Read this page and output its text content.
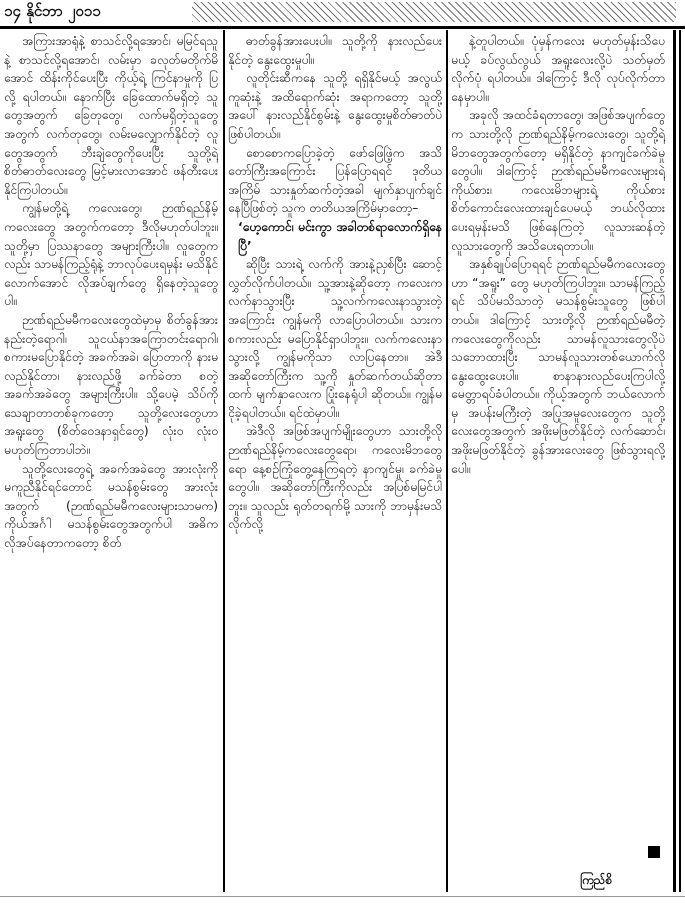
၁၄ နိုင်ဘာ ၂၀၁၁

အကြားအာရုံနဲ့ စာသင်လို့ရအောင်၊ မမြင်ရသူနဲ့ စာသင်လို့ရအောင်၊ လမ်းမှာ ခလုတ်မတိုက်မိအောင် ထိန်းကိုင်ပေးပြီး ကိုယ့်ရဲ့ ကြင်နာမှုကို ပြလို့ ရပါတယ်။ နောက်ပြီး ခြေထောက်မရှိတဲ့ သူတွေအတွက် ခြေတုတွေ၊ လက်မရှိတဲ့သူတွေအတွက် လက်တုတွေ၊ လမ်းမလျှောက်နိုင်တဲ့ လူတွေအတွက် ဘီးချဲတွေကိုပေးပြီး သူတို့ရဲ့ စိတ်ဓာတ်လေးတွေ မြင့်မားလာအောင် ဖန်တီးပေးနိုင်ကြပါတယ်။

ကျွန်မတို့ရဲ့ ကလေးတွေ၊ ဉာဏ်ရည်နိမ့်ကလေးတွေ အတွက်ကတော့ ဒီလိုမဟုတ်ပါဘူး။ သူတို့မှာ ပြဿနာတွေ အများကြီးပါ။ လူတွေကလည်း သာမန်ကြည့်ရုံနဲ့ ဘာလုပ်ပေးရမှန်း မသိနိုင်လောက်အောင် လိုအပ်ချက်တွေ ရှိနေတဲ့သူတွေပါ။

ဉာဏ်ရည်မမီကလေးတွေထဲမှာမှ စိတ်ခွန်အားနည်းတဲ့ရောဂါ၊ သူငယ်နာအကြောတင်းရောဂါ၊ စကားမပြောနိုင်တဲ့ အခက်အခဲ၊ ပြောတာကို နားမလည်နိုင်တာ၊ နားလည်ဖို့ ခက်ခဲတာ စတဲ့ အခက်အခဲတွေ အများကြီးပါ။ သို့ပေမဲ့ သိပ်ကိုသေချာတာတစ်ခုကတော့ သူတို့လေးတွေဟာ အရူးတွေ (စိတ်ဝေဒနာရှင်တွေ) လုံးဝ လုံးဝ မဟုတ်ကြတာပါဘဲ။

သူတို့လေးတွေရဲ့ အခက်အခဲတွေ အားလုံးကို မကူညီနိုင်ရင်တောင် မသန်စွမ်းတွေ အားလုံးအတွက် (ဉာဏ်ရည်မမီကလေးများသာမက) ကိုယ်အင်္ဂါ မသန်စွမ်းတွေအတွက်ပါ အဓိကလိုအပ်နေတာကတော့ စိတ်

ဓာတ်ခွန်အားပေးပါ။ သူတို့ကို နားလည်ပေးနိုင်တဲ့ နွေးထွေးမှုပါ။

လူတိုင်းဆီကနေ သူတို့ ရရှိနိုင်မယ့် အလွယ်ကူဆုံးနဲ့ အထိရောက်ဆုံး အရာကတော့ သူတို့အပေါ် နားလည်နိုင်စွမ်းနဲ့ နွေးထွေးမှုစိတ်ဓာတ်ပဲ ဖြစ်ပါတယ်။

စောစောကပြောခဲ့တဲ့ ဖော်ဖြေဖြဲ့က အသိတော်ကြီးအကြောင်း ပြန်ပြောရရင် ဒုတိယအကြိမ် သားနှုတ်ဆက်တဲ့အခါ မျက်နှာပျက်ချင်နေပြီဖြစ်တဲ့ သူက တတိယအကြိမ်မှာတော့–

‘ဟေ့ကောင်၊ မင်းကွာ အခါတစ်ရာလောက်ရှိနေပြီ’

ဆိုပြီး သားရဲ့ လက်ကို အားနဲ့ညှစ်ပြီး ဆောင့်လွှတ်လိုက်ပါတယ်။ သူ့အားနဲ့ဆိုတော့ ကလေးက လက်နာသွားပြီး သူ့လက်ကလေးနာသွားတဲ့ အကြောင်း ကျွန်မကို လာပြောပါတယ်။ သားကစကားလည်း မပြောနိုင်ရှာပါဘူး။ လက်ကလေးနာသွားလို့ ကျွန်မကိုသာ လာပြနေတာ။ အဲဒီ အဆိုတော်ကြီးက သူ့ကို နှုတ်ဆက်တယ်ဆိုတာထက် မျက်နှာလေးက ပြုံးနေရုံပါ ဆိုတယ်။ ကျွန်မ ငိုခဲ့ရပါတယ်။ ရင်ထဲမှာပါ။

အဲဒီလို အဖြစ်အပျက်မျိုးတွေဟာ သားတို့လို ဉာဏ်ရည်နိမ့်ကလေးတွေရော၊ ကလေးမိဘတွေရော နေ့စဉ်ကြုံတွေ့နေကြရတဲ့ နာကျင်မှု၊ ခက်ခဲမှုတွေပါ။ အဆိုတော်ကြီးကိုလည်း အပြစ်မမြင်ပါဘူး။ သူလည်း ရုတ်တရက်မို့ သားကို ဘာမှန်းမသိလိုက်လို့

နဲ့တူပါတယ်။ ပုံမှန်ကလေး မဟုတ်မှန်းသိပေမယ့် ခပ်လွယ်လွယ် အရူးလေးလို့ပဲ သတ်မှတ်လိုက်ပုံ ရပါတယ်။ ဒါကြောင့် ဒီလို လုပ်လိုက်တာ နေမှာပါ။

အခုလို အထင်ခံရတာတွေ၊ အဖြစ်အပျက်တွေက သားတို့လို ဉာဏ်ရည်နိမ့်ကလေးတွေ၊ သူတို့ရဲ့ မိဘတွေအတွက်တော့ မရှိနိုင်တဲ့ နာကျင်ခက်ခဲမှုတွေပါ။ ဒါကြောင့် ဉာဏ်ရည်မမီကလေးများရဲ့ ကိုယ်စား၊ ကလေးမိဘများရဲ့ ကိုယ်စား စိတ်ကောင်းလေးထားချင်ပေမယ့် ဘယ်လိုထားပေးရမှန်းမသိ ဖြစ်နေကြတဲ့ လူသားဆန်တဲ့ လူသားတွေကို အသိပေးရတာပါ။

အနှစ်ချုပ်ပြောရရင် ဉာဏ်ရည်မမီကလေးတွေဟာ “အရူး” တွေ မဟုတ်ကြပါဘူး။ သာမန်ကြည့်ရင် သိပ်မသိသာတဲ့ မသန်စွမ်းသူတွေ ဖြစ်ပါတယ်။ ဒါကြောင့် သားတို့လို ဉာဏ်ရည်မမီတဲ့ ကလေးတွေကိုလည်း သာမန်လူသားတွေလိုပဲ သဘောထားပြီး သာမန်လူသားတစ်ယောက်လို နွေးထွေးပေးပါ။ စာနာနားလည်ပေးကြပါလို့ မေတ္တာရပ်ခံပါတယ်။ ကိုယ့်အတွက် ဘယ်လောက်မှ အပန်းမကြီးတဲ့ အပြုအမူလေးတွေက သူတို့လေးတွေအတွက် အဖိုးမဖြတ်နိုင်တဲ့ လက်ဆောင်၊ အဖိုးမဖြတ်နိုင်တဲ့ ခွန်အားလေးတွေ ဖြစ်သွားရလို့ပေါ။

ကြည်စိ
